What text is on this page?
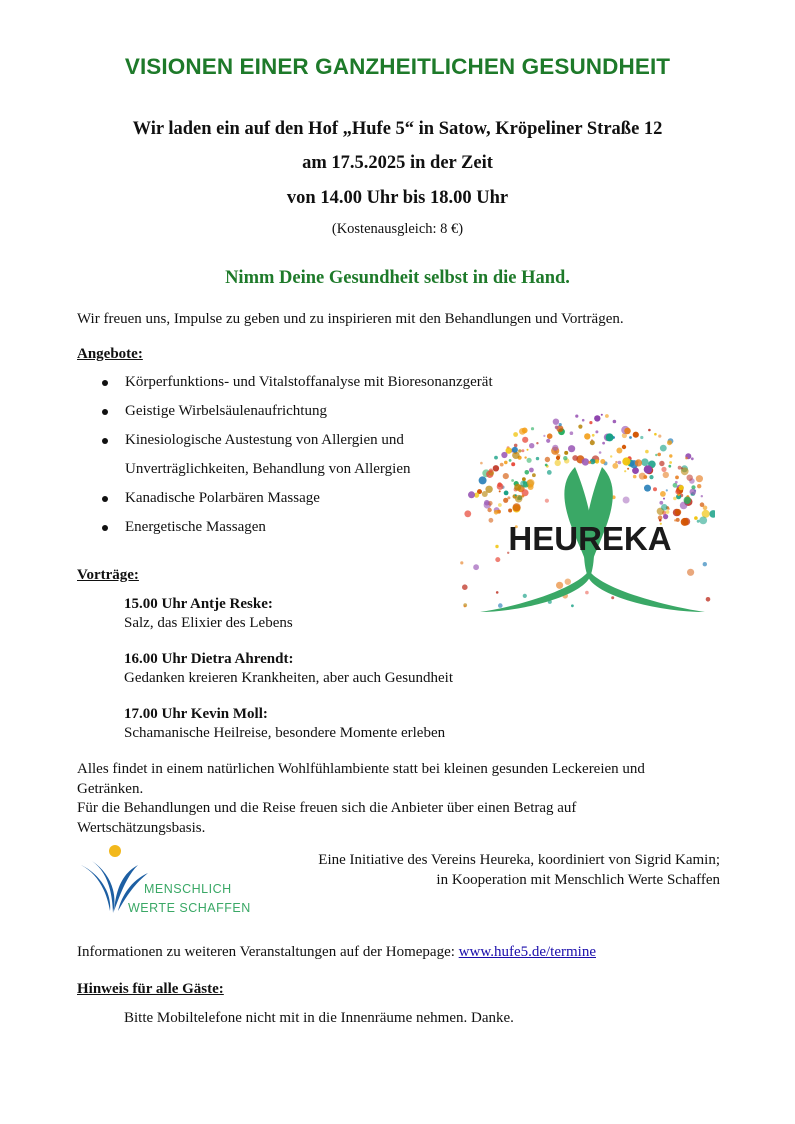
VISIONEN EINER GANZHEITLICHEN GESUNDHEIT
Wir laden ein auf den Hof „Hufe 5“ in Satow, Kröpeliner Straße 12
am 17.5.2025 in der Zeit
von 14.00 Uhr bis 18.00 Uhr
(Kostenausgleich: 8 €)
Nimm Deine Gesundheit selbst in die Hand.
Wir freuen uns, Impulse zu geben und zu inspirieren mit den Behandlungen und Vorträgen.
Angebote:
Körperfunktions- und Vitalstoffanalyse mit Bioresonanzgerät
Geistige Wirbelsäulenaufrichtung
Kinesiologische Austestung von Allergien und
Unverträglichkeiten, Behandlung von Allergien
Kanadische Polarbären Massage
Energetische Massagen	HEUREKA
Vorträge:
15.00 Uhr Antje Reske:
Salz, das Elixier des Lebens
16.00 Uhr Dietra Ahrendt:
Gedanken kreieren Krankheiten, aber auch Gesundheit
17.00 Uhr Kevin Moll:
Schamanische Heilreise, besondere Momente erleben
Alles findet in einem natürlichen Wohlfühlambiente statt bei kleinen gesunden Leckereien und
Getränken.
Für die Behandlungen und die Reise freuen sich die Anbieter über einen Betrag auf
Wertschätzungsbasis.
MENSCHLICH
WERTE SCHAFFEN
Eine Initiative des Vereins Heureka, koordiniert von Sigrid Kamin;
in Kooperation mit Menschlich Werte Schaffen
Informationen zu weiteren Veranstaltungen auf der Homepage: www.hufe5.de/termine
Hinweis für alle Gäste:
Bitte Mobiltelefone nicht mit in die Innenräume nehmen. Danke.
